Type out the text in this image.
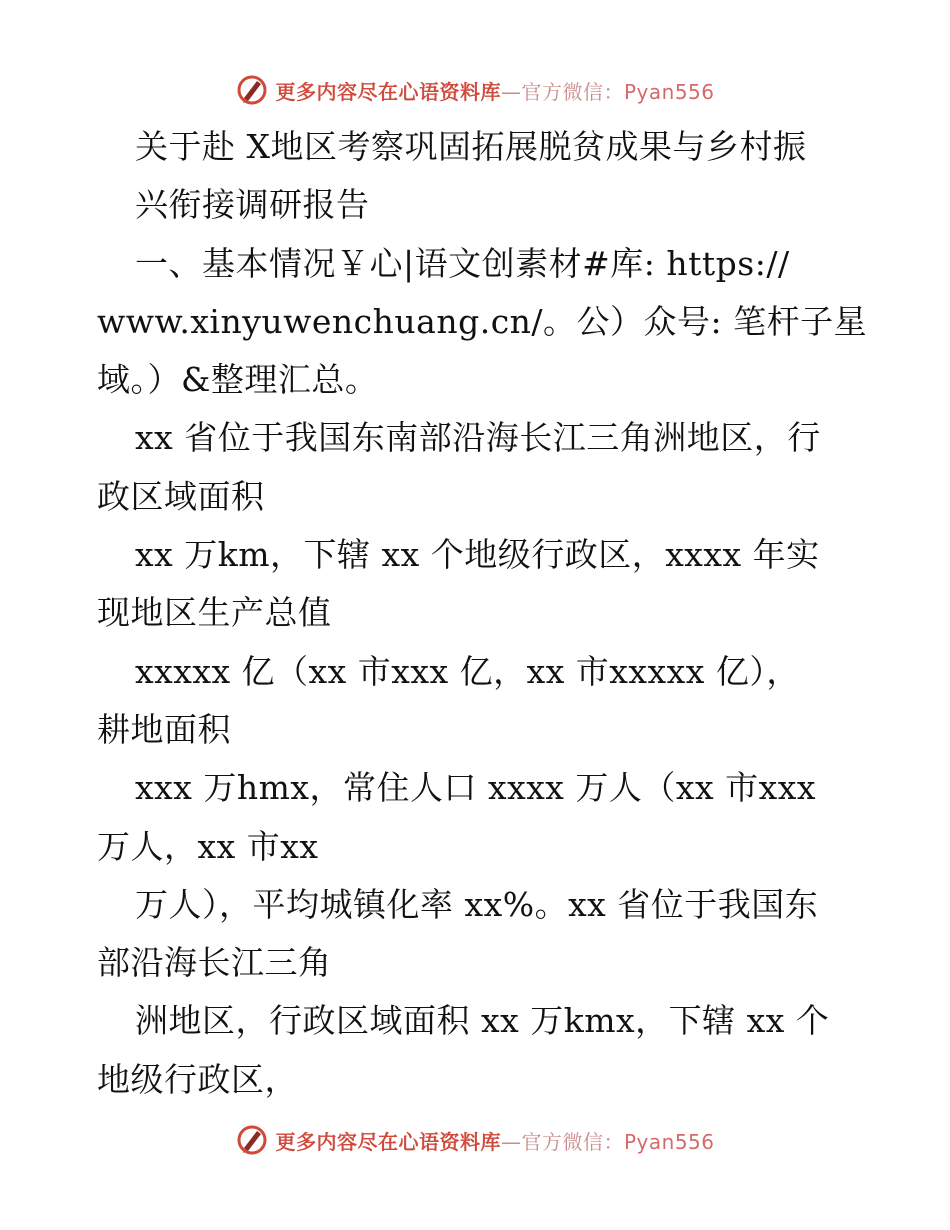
更多内容尽在心语资料库—官方微信：Pyan556
关于赴 X地区考察巩固拓展脱贫成果与乡村振
兴衔接调研报告
一、基本情况￥心|语文创素材#库: https://
www.xinyuwenchuang.cn/。公）众号: 笔杆子星
域。）&整理汇总。
xx 省位于我国东南部沿海长江三角洲地区，行
政区域面积
xx 万km，下辖 xx 个地级行政区，xxxx 年实
现地区生产总值
xxxxx 亿（xx 市xxx 亿，xx 市xxxxx 亿），
耕地面积
xxx 万hmx，常住人口 xxxx 万人（xx 市xxx
万人，xx 市xx
万人），平均城镇化率 xx%。xx 省位于我国东
部沿海长江三角
洲地区，行政区域面积 xx 万kmx，下辖 xx 个
地级行政区，
更多内容尽在心语资料库—官方微信：Pyan556
